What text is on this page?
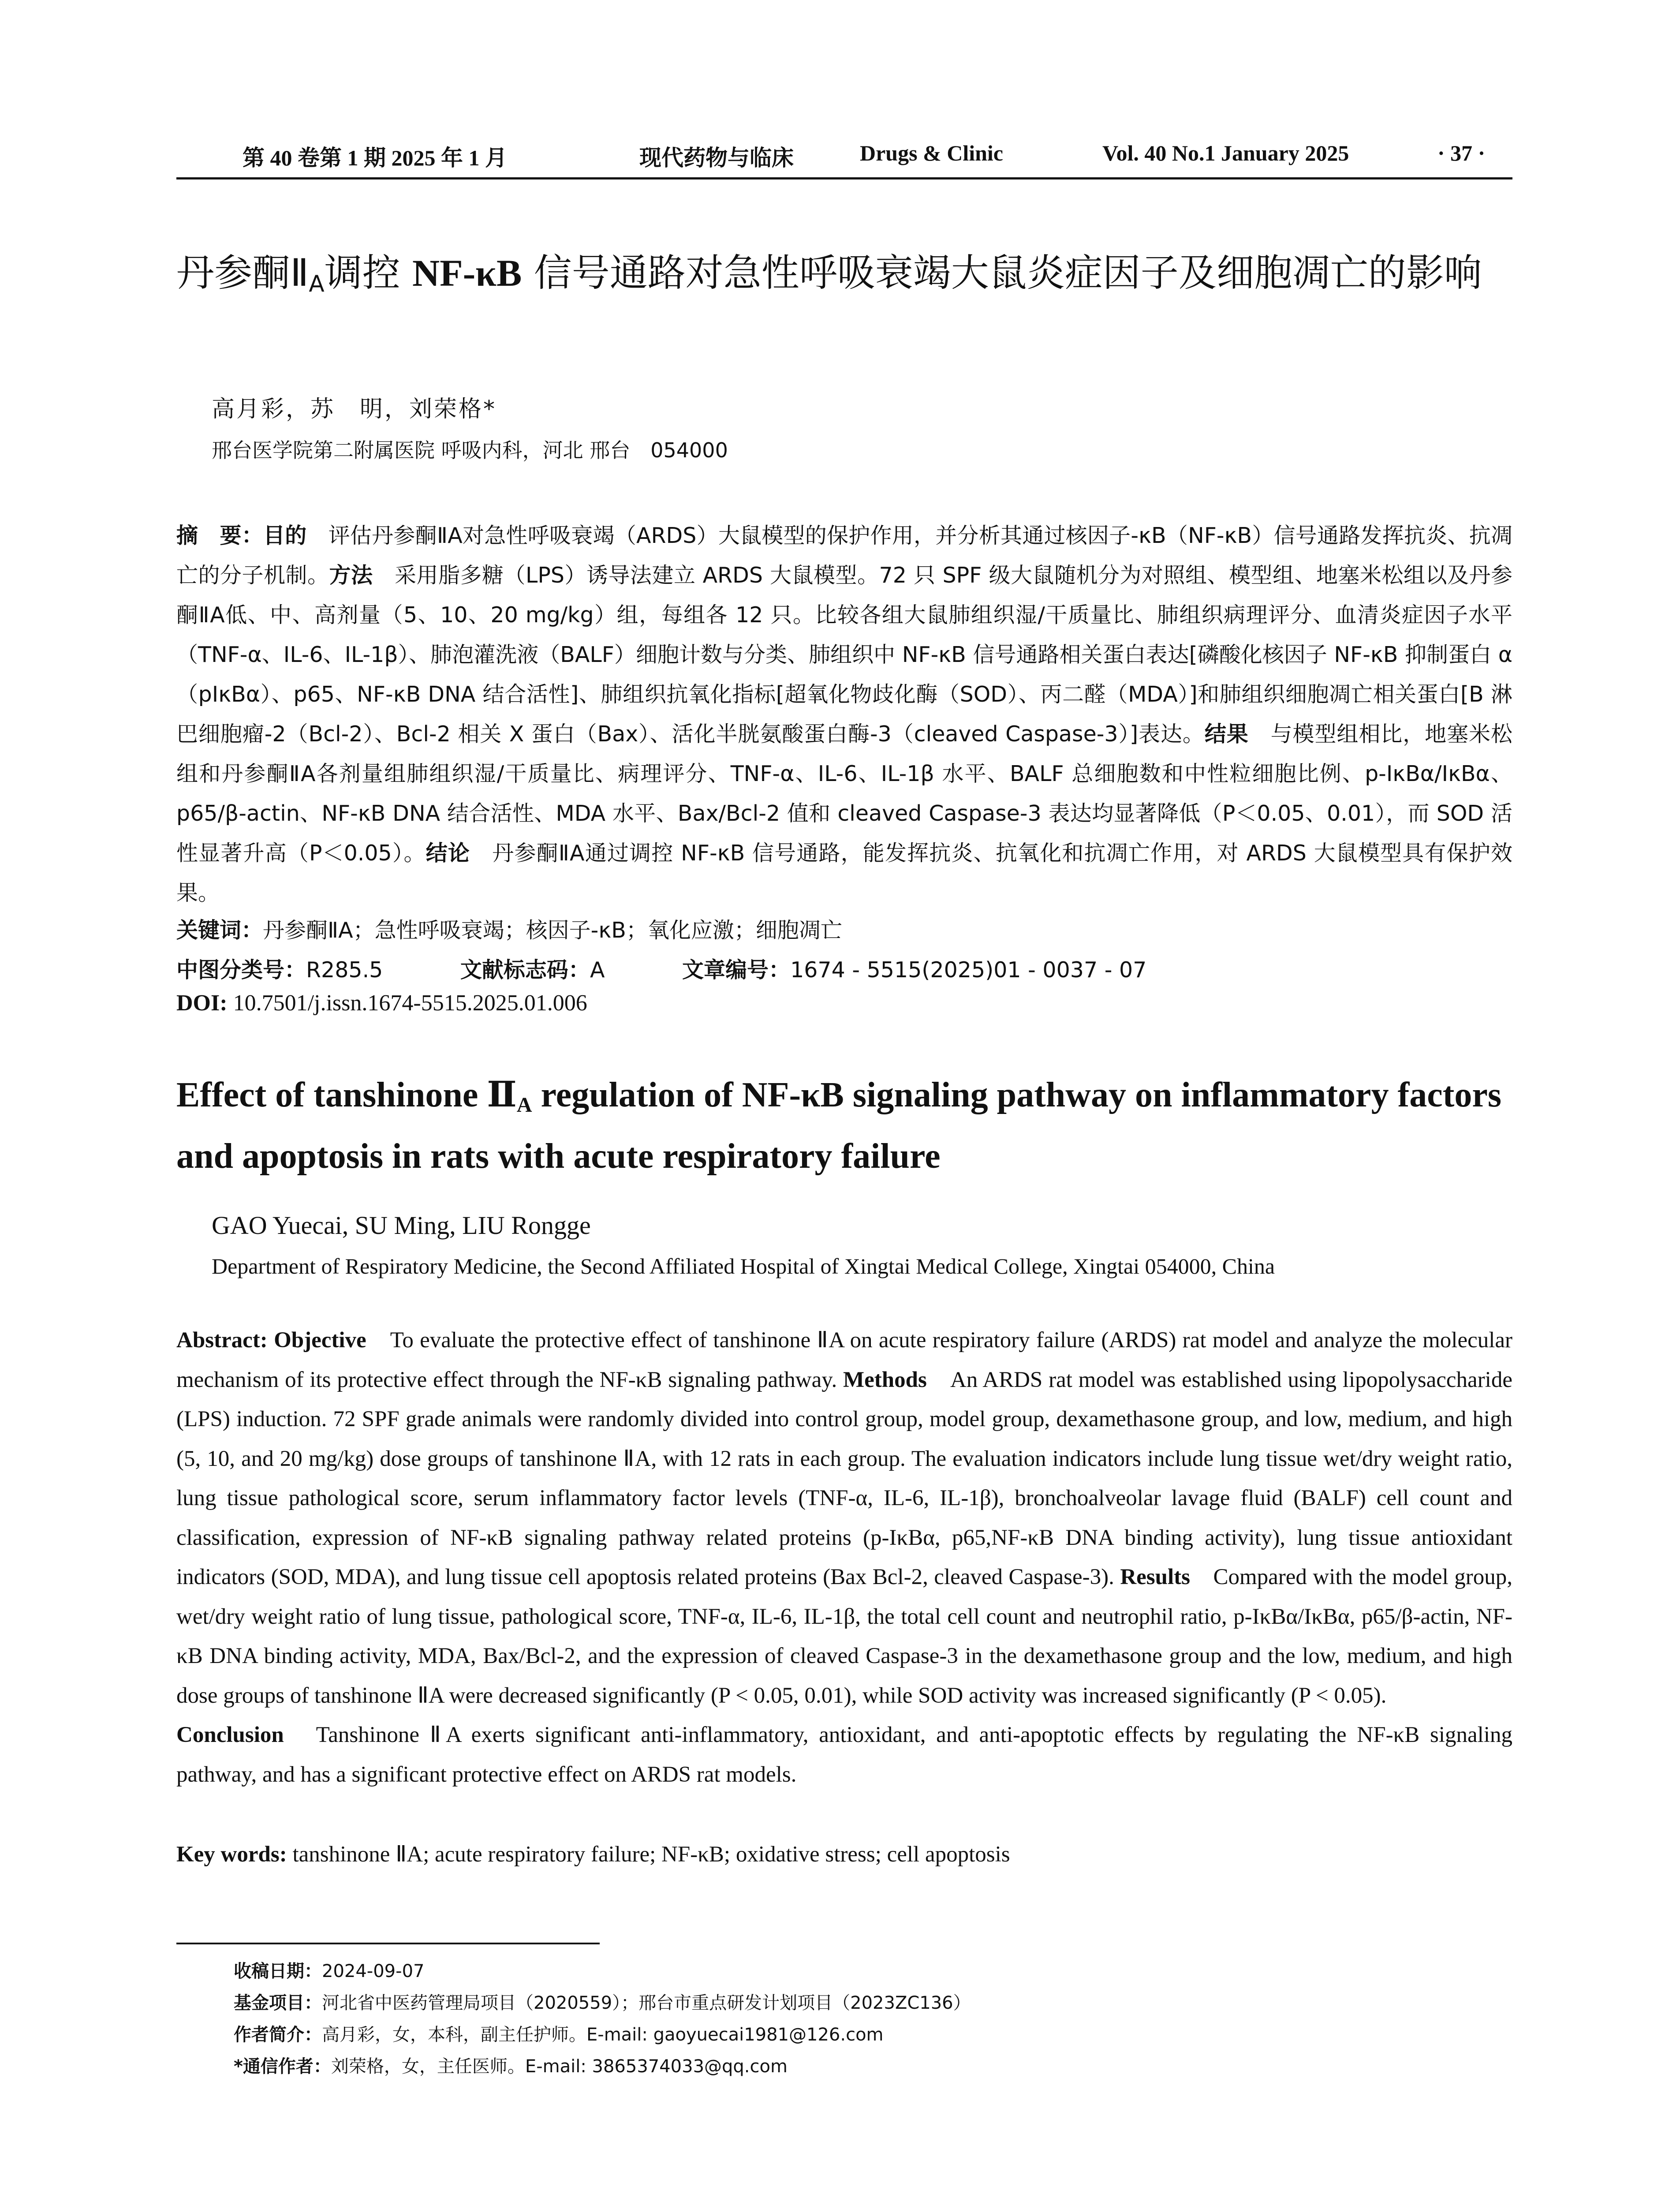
第 40 卷第 1 期 2025 年 1 月	现代药物与临床	Drugs & Clinic	Vol. 40 No.1 January 2025	· 37 ·
丹参酮$Ⅱ_A$调控 NF-κB 信号通路对急性呼吸衰竭大鼠炎症因子及细胞凋亡的影响
高月彩，苏　明，刘荣格*
邢台医学院第二附属医院 呼吸内科，河北 邢台　054000
摘　要：目的　评估丹参酮ⅡA对急性呼吸衰竭（ARDS）大鼠模型的保护作用，并分析其通过核因子-κB（NF-κB）信号通路发挥抗炎、抗凋亡的分子机制。方法　采用脂多糖（LPS）诱导法建立 ARDS 大鼠模型。72 只 SPF 级大鼠随机分为对照组、模型组、地塞米松组以及丹参酮ⅡA低、中、高剂量（5、10、20 mg/kg）组，每组各 12 只。比较各组大鼠肺组织湿/干质量比、肺组织病理评分、血清炎症因子水平（TNF-α、IL-6、IL-1β）、肺泡灌洗液（BALF）细胞计数与分类、肺组织中 NF-κB 信号通路相关蛋白表达[磷酸化核因子 NF-κB 抑制蛋白 α（pIκBα）、p65、NF-κB DNA 结合活性]、肺组织抗氧化指标[超氧化物歧化酶（SOD）、丙二醛（MDA）]和肺组织细胞凋亡相关蛋白[B 淋巴细胞瘤-2（Bcl-2）、Bcl-2 相关 X 蛋白（Bax）、活化半胱氨酸蛋白酶-3（cleaved Caspase-3）]表达。结果　与模型组相比，地塞米松组和丹参酮ⅡA各剂量组肺组织湿/干质量比、病理评分、TNF-α、IL-6、IL-1β 水平、BALF 总细胞数和中性粒细胞比例、p-IκBα/IκBα、p65/β-actin、NF-κB DNA 结合活性、MDA 水平、Bax/Bcl-2 值和 cleaved Caspase-3 表达均显著降低（P＜0.05、0.01），而 SOD 活性显著升高（P＜0.05）。结论　丹参酮ⅡA通过调控 NF-κB 信号通路，能发挥抗炎、抗氧化和抗凋亡作用，对 ARDS 大鼠模型具有保护效果。
关键词：丹参酮ⅡA；急性呼吸衰竭；核因子-κB；氧化应激；细胞凋亡
中图分类号：R285.5	文献标志码：A	文章编号：1674 - 5515(2025)01 - 0037 - 07
DOI: 10.7501/j.issn.1674-5515.2025.01.006
Effect of tanshinone $Ⅱ_A$ regulation of NF-κB signaling pathway on inflammatory factors and apoptosis in rats with acute respiratory failure
GAO Yuecai, SU Ming, LIU Rongge
Department of Respiratory Medicine, the Second Affiliated Hospital of Xingtai Medical College, Xingtai 054000, China
Abstract: Objective　To evaluate the protective effect of tanshinone ⅡA on acute respiratory failure (ARDS) rat model and analyze the molecular mechanism of its protective effect through the NF-κB signaling pathway. Methods　An ARDS rat model was established using lipopolysaccharide (LPS) induction. 72 SPF grade animals were randomly divided into control group, model group, dexamethasone group, and low, medium, and high (5, 10, and 20 mg/kg) dose groups of tanshinone ⅡA, with 12 rats in each group. The evaluation indicators include lung tissue wet/dry weight ratio, lung tissue pathological score, serum inflammatory factor levels (TNF-α, IL-6, IL-1β), bronchoalveolar lavage fluid (BALF) cell count and classification, expression of NF-κB signaling pathway related proteins (p-IκBα, p65,NF-κB DNA binding activity), lung tissue antioxidant indicators (SOD, MDA), and lung tissue cell apoptosis related proteins (Bax Bcl-2, cleaved Caspase-3). Results　Compared with the model group, wet/dry weight ratio of lung tissue, pathological score, TNF-α, IL-6, IL-1β, the total cell count and neutrophil ratio, p-IκBα/IκBα, p65/β-actin, NF-κB DNA binding activity, MDA, Bax/Bcl-2, and the expression of cleaved Caspase-3 in the dexamethasone group and the low, medium, and high dose groups of tanshinone ⅡA were decreased significantly (P < 0.05, 0.01), while SOD activity was increased significantly (P < 0.05).
Conclusion　Tanshinone ⅡA exerts significant anti-inflammatory, antioxidant, and anti-apoptotic effects by regulating the NF-κB signaling pathway, and has a significant protective effect on ARDS rat models.
Key words: tanshinone ⅡA; acute respiratory failure; NF-κB; oxidative stress; cell apoptosis
收稿日期：2024-09-07
基金项目：河北省中医药管理局项目（2020559）；邢台市重点研发计划项目（2023ZC136）
作者简介：高月彩，女，本科，副主任护师。E-mail: gaoyuecai1981@126.com
*通信作者：刘荣格，女，主任医师。E-mail: 3865374033@qq.com
